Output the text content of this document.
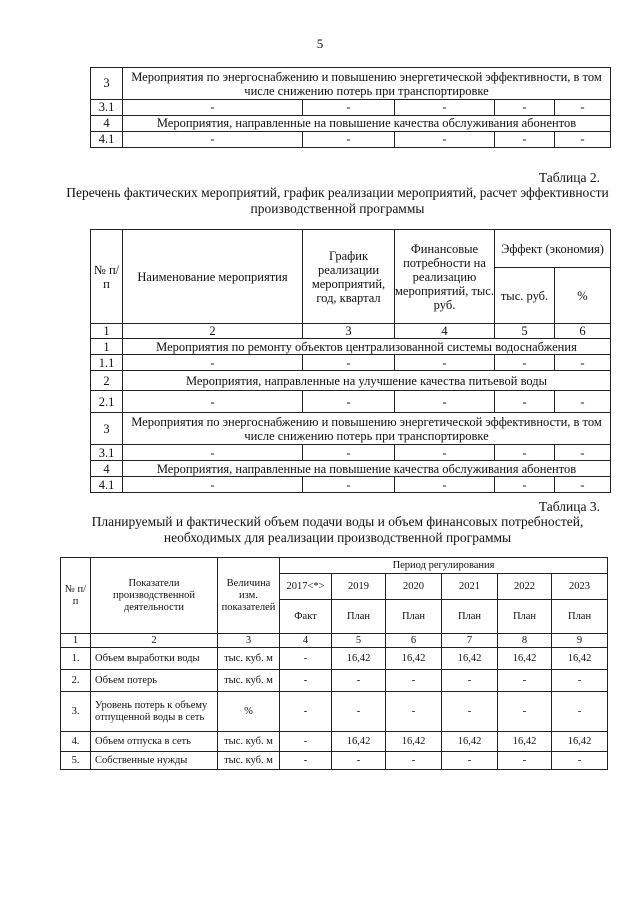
5
3	Мероприятия по энергоснабжению и повышению энергетической эффективности, в том числе снижению потерь при транспортировке				
3.1	-	-	-	-	-
4	Мероприятия, направленные на повышение качества обслуживания абонентов				
4.1	-	-	-	-	-
Таблица 2.
Перечень фактических мероприятий, график реализации мероприятий, расчет эффективности производственной программы
№ п/ п	Наименование мероприятия	График реализации мероприятий, год, квартал	Финансовые потребности на реализацию мероприятий, тыс. руб.	Эффект (экономия)	
				тыс. руб.	%
1	2	3	4	5	6
1	Мероприятия по ремонту объектов централизованной системы водоснабжения				
1.1	-	-	-	-	-
2	Мероприятия, направленные на улучшение качества питьевой воды				
2.1	-	-	-	-	-
3	Мероприятия по энергоснабжению и повышению энергетической эффективности, в том числе снижению потерь при транспортировке				
3.1	-	-	-	-	-
4	Мероприятия, направленные на повышение качества обслуживания абонентов				
4.1	-	-	-	-	-
Таблица 3.
Планируемый и фактический объем подачи воды и объем финансовых потребностей, необходимых для реализации производственной программы
№ п/п	Показатели производственной деятельности	Величина изм. показателей	Период регулирования					
			2017<*>	2019	2020	2021	2022	2023
			Факт	План	План	План	План	План
1	2	3	4	5	6	7	8	9
1.	Объем выработки воды	тыс. куб. м	-	16,42	16,42	16,42	16,42	16,42
2.	Объем потерь	тыс. куб. м	-	-	-	-	-	-
3.	Уровень потерь к объему отпущенной воды в сеть	%	-	-	-	-	-	-
4.	Объем отпуска в сеть	тыс. куб. м	-	16,42	16,42	16,42	16,42	16,42
5.	Собственные нужды	тыс. куб. м	-	-	-	-	-	-
